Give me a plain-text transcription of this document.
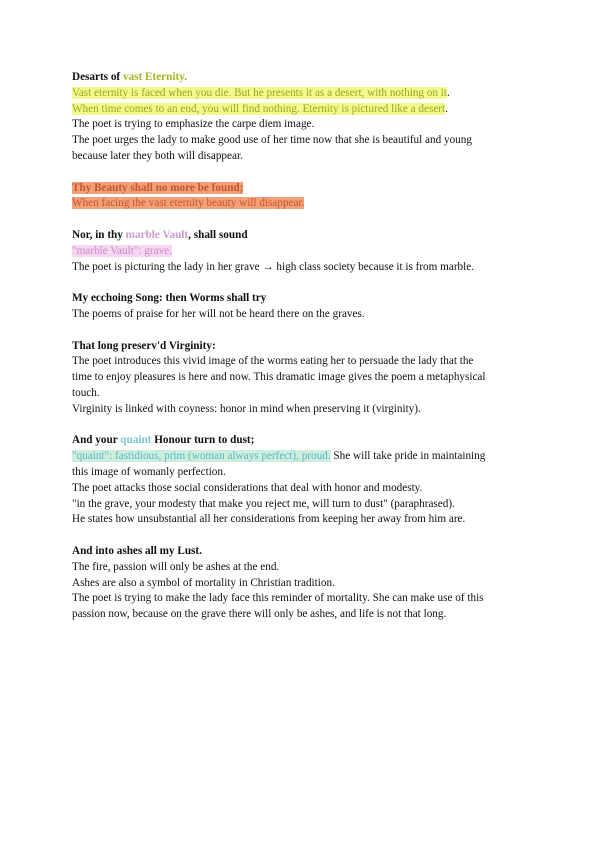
Desarts of vast Eternity.
Vast eternity is faced when you die. But he presents it as a desert, with nothing on it.
When time comes to an end, you will find nothing. Eternity is pictured like a desert.
The poet is trying to emphasize the carpe diem image.
The poet urges the lady to make good use of her time now that she is beautiful and young
because later they both will disappear.
Thy Beauty shall no more be found;
When facing the vast eternity beauty will disappear.
Nor, in thy marble Vault, shall sound
"marble Vault": grave.
The poet is picturing the lady in her grave → high class society because it is from marble.
My ecchoing Song: then Worms shall try
The poems of praise for her will not be heard there on the graves.
That long preserv'd Virginity:
The poet introduces this vivid image of the worms eating her to persuade the lady that the
time to enjoy pleasures is here and now. This dramatic image gives the poem a metaphysical
touch.
Virginity is linked with coyness: honor in mind when preserving it (virginity).
And your quaint Honour turn to dust;
"quaint": fastidious, prim (woman always perfect), proud. She will take pride in maintaining
this image of womanly perfection.
The poet attacks those social considerations that deal with honor and modesty.
"in the grave, your modesty that make you reject me, will turn to dust" (paraphrased).
He states how unsubstantial all her considerations from keeping her away from him are.
And into ashes all my Lust.
The fire, passion will only be ashes at the end.
Ashes are also a symbol of mortality in Christian tradition.
The poet is trying to make the lady face this reminder of mortality. She can make use of this
passion now, because on the grave there will only be ashes, and life is not that long.
